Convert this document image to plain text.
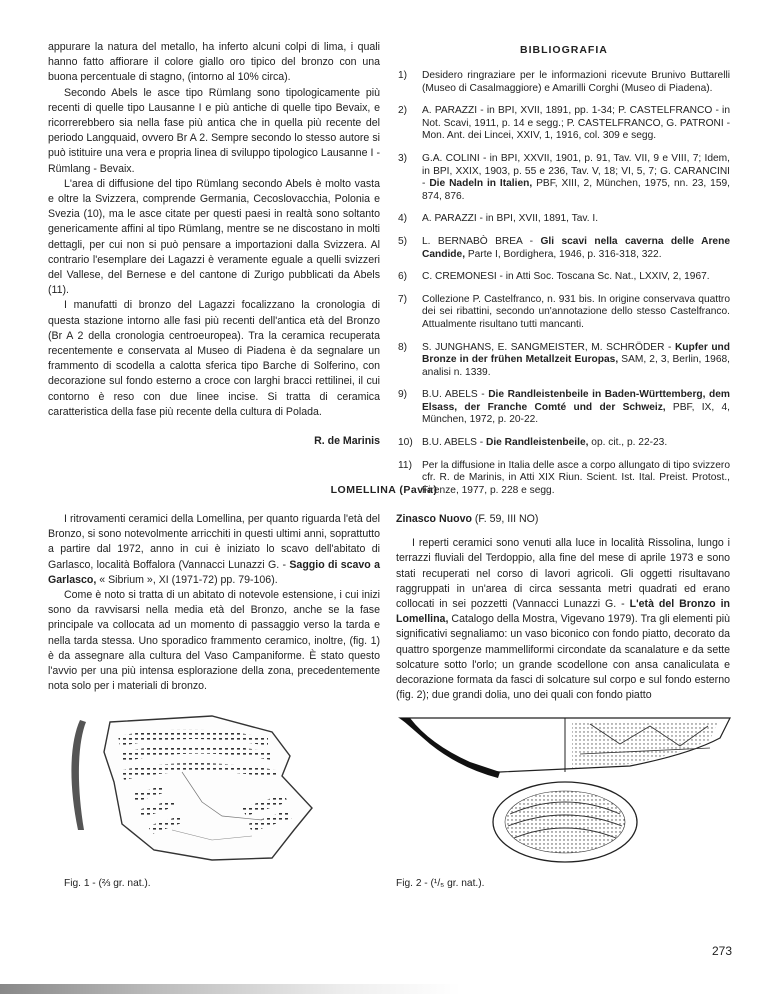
appurare la natura del metallo, ha inferto alcuni colpi di lima, i quali hanno fatto affiorare il colore giallo oro tipico del bronzo con una buona percentuale di stagno, (intorno al 10% circa).

Secondo Abels le asce tipo Rümlang sono tipologicamente più recenti di quelle tipo Lausanne I e più antiche di quelle tipo Bevaix, e ricorrerebbero sia nella fase più antica che in quella più recente del periodo Langquaid, ovvero Br A 2. Sempre secondo lo stesso autore si può istituire una vera e propria linea di sviluppo tipologico Lausanne I - Rümlang - Bevaix.

L'area di diffusione del tipo Rümlang secondo Abels è molto vasta e oltre la Svizzera, comprende Germania, Cecoslovacchia, Polonia e Svezia (10), ma le asce citate per questi paesi in realtà sono soltanto genericamente affini al tipo Rümlang, mentre se ne discostano in molti dettagli, per cui non si può pensare a importazioni dalla Svizzera. Al contrario l'esemplare dei Lagazzi è veramente eguale a quelli svizzeri del Vallese, del Bernese e del cantone di Zurigo pubblicati da Abels (11).

I manufatti di bronzo del Lagazzi focalizzano la cronologia di questa stazione intorno alle fasi più recenti dell'antica età del Bronzo (Br A 2 della cronologia centroeuropea). Tra la ceramica recuperata recentemente e conservata al Museo di Piadena è da segnalare un frammento di scodella a calotta sferica tipo Barche di Solferino, con decorazione sul fondo esterno a croce con larghi bracci rettilinei, il cui contorno è reso con due linee incise. Si tratta di ceramica caratteristica della fase più recente della cultura di Polada.

R. de Marinis
BIBLIOGRAFIA
1)	Desidero ringraziare per le informazioni ricevute Brunivo Buttarelli (Museo di Casalmaggiore) e Amarilli Corghi (Museo di Piadena).
2)	A. PARAZZI - in BPI, XVII, 1891, pp. 1-34; P. CASTELFRANCO - in Not. Scavi, 1911, p. 14 e segg.; P. CASTELFRANCO, G. PATRONI - Mon. Ant. dei Lincei, XXIV, 1, 1916, col. 309 e segg.
3)	G.A. COLINI - in BPI, XXVII, 1901, p. 91, Tav. VII, 9 e VIII, 7; Idem, in BPI, XXIX, 1903, p. 55 e 236, Tav. V, 18; VI, 5, 7; G. CARANCINI - Die Nadeln in Italien, PBF, XIII, 2, München, 1975, nn. 23, 159, 874, 876.
4)	A. PARAZZI - in BPI, XVII, 1891, Tav. I.
5)	L. BERNABÒ BREA - Gli scavi nella caverna delle Arene Candide, Parte I, Bordighera, 1946, p. 316-318, 322.
6)	C. CREMONESI - in Atti Soc. Toscana Sc. Nat., LXXIV, 2, 1967.
7)	Collezione P. Castelfranco, n. 931 bis. In origine conservava quattro dei sei ribattini, secondo un'annotazione dello stesso Castelfranco. Attualmente risultano tutti mancanti.
8)	S. JUNGHANS, E. SANGMEISTER, M. SCHRÖDER - Kupfer und Bronze in der frühen Metallzeit Europas, SAM, 2, 3, Berlin, 1968, analisi n. 1339.
9)	B.U. ABELS - Die Randleistenbeile in Baden-Württemberg, dem Elsass, der Franche Comté und der Schweiz, PBF, IX, 4, München, 1972, p. 20-22.
10) B.U. ABELS - Die Randleistenbeile, op. cit., p. 22-23.
11) Per la diffusione in Italia delle asce a corpo allungato di tipo svizzero cfr. R. de Marinis, in Atti XIX Riun. Scient. Ist. Ital. Preist. Protost., Firenze, 1977, p. 228 e segg.
LOMELLINA (Pavia)

I ritrovamenti ceramici della Lomellina, per quanto riguarda l'età del Bronzo, si sono notevolmente arricchiti in questi ultimi anni, soprattutto a partire dal 1972, anno in cui è iniziato lo scavo dell'abitato di Garlasco, località Boffalora (Vannacci Lunazzi G. - Saggio di scavo a Garlasco, « Sibrium », XI (1971-72) pp. 79-106).

Come è noto si tratta di un abitato di notevole estensione, i cui inizi sono da ravvisarsi nella media età del Bronzo, anche se la fase principale va collocata ad un momento di passaggio verso la tarda e nella tarda stessa. Uno sporadico frammento ceramico, inoltre, (fig. 1) è da assegnare alla cultura del Vaso Campaniforme. È stato questo l'avvio per una più intensa esplorazione della zona, precedentemente nota solo per i materiali di bronzo.

Zinasco Nuovo (F. 59, III NO)

I reperti ceramici sono venuti alla luce in località Rissolina, lungo i terrazzi fluviali del Terdoppio, alla fine del mese di aprile 1973 e sono stati recuperati nel corso di lavori agricoli. Gli oggetti risultavano raggruppati in un'area di circa sessanta metri quadrati ed erano collocati in sei pozzetti (Vannacci Lunazzi G. - L'età del Bronzo in Lomellina, Catalogo della Mostra, Vigevano 1979). Tra gli elementi più significativi segnaliamo: un vaso biconico con fondo piatto, decorato da quattro sporgenze mammelliformi circondate da scanalature e da sette solcature sotto l'orlo; un grande scodellone con ansa canaliculata e decorazione formata da fasci di solcature sul corpo e sul fondo esterno (fig. 2); due grandi dolia, uno dei quali con fondo piatto

Fig. 1 - (⅔ gr. nat.).	Fig. 2 - (¹/₅ gr. nat.).
273
